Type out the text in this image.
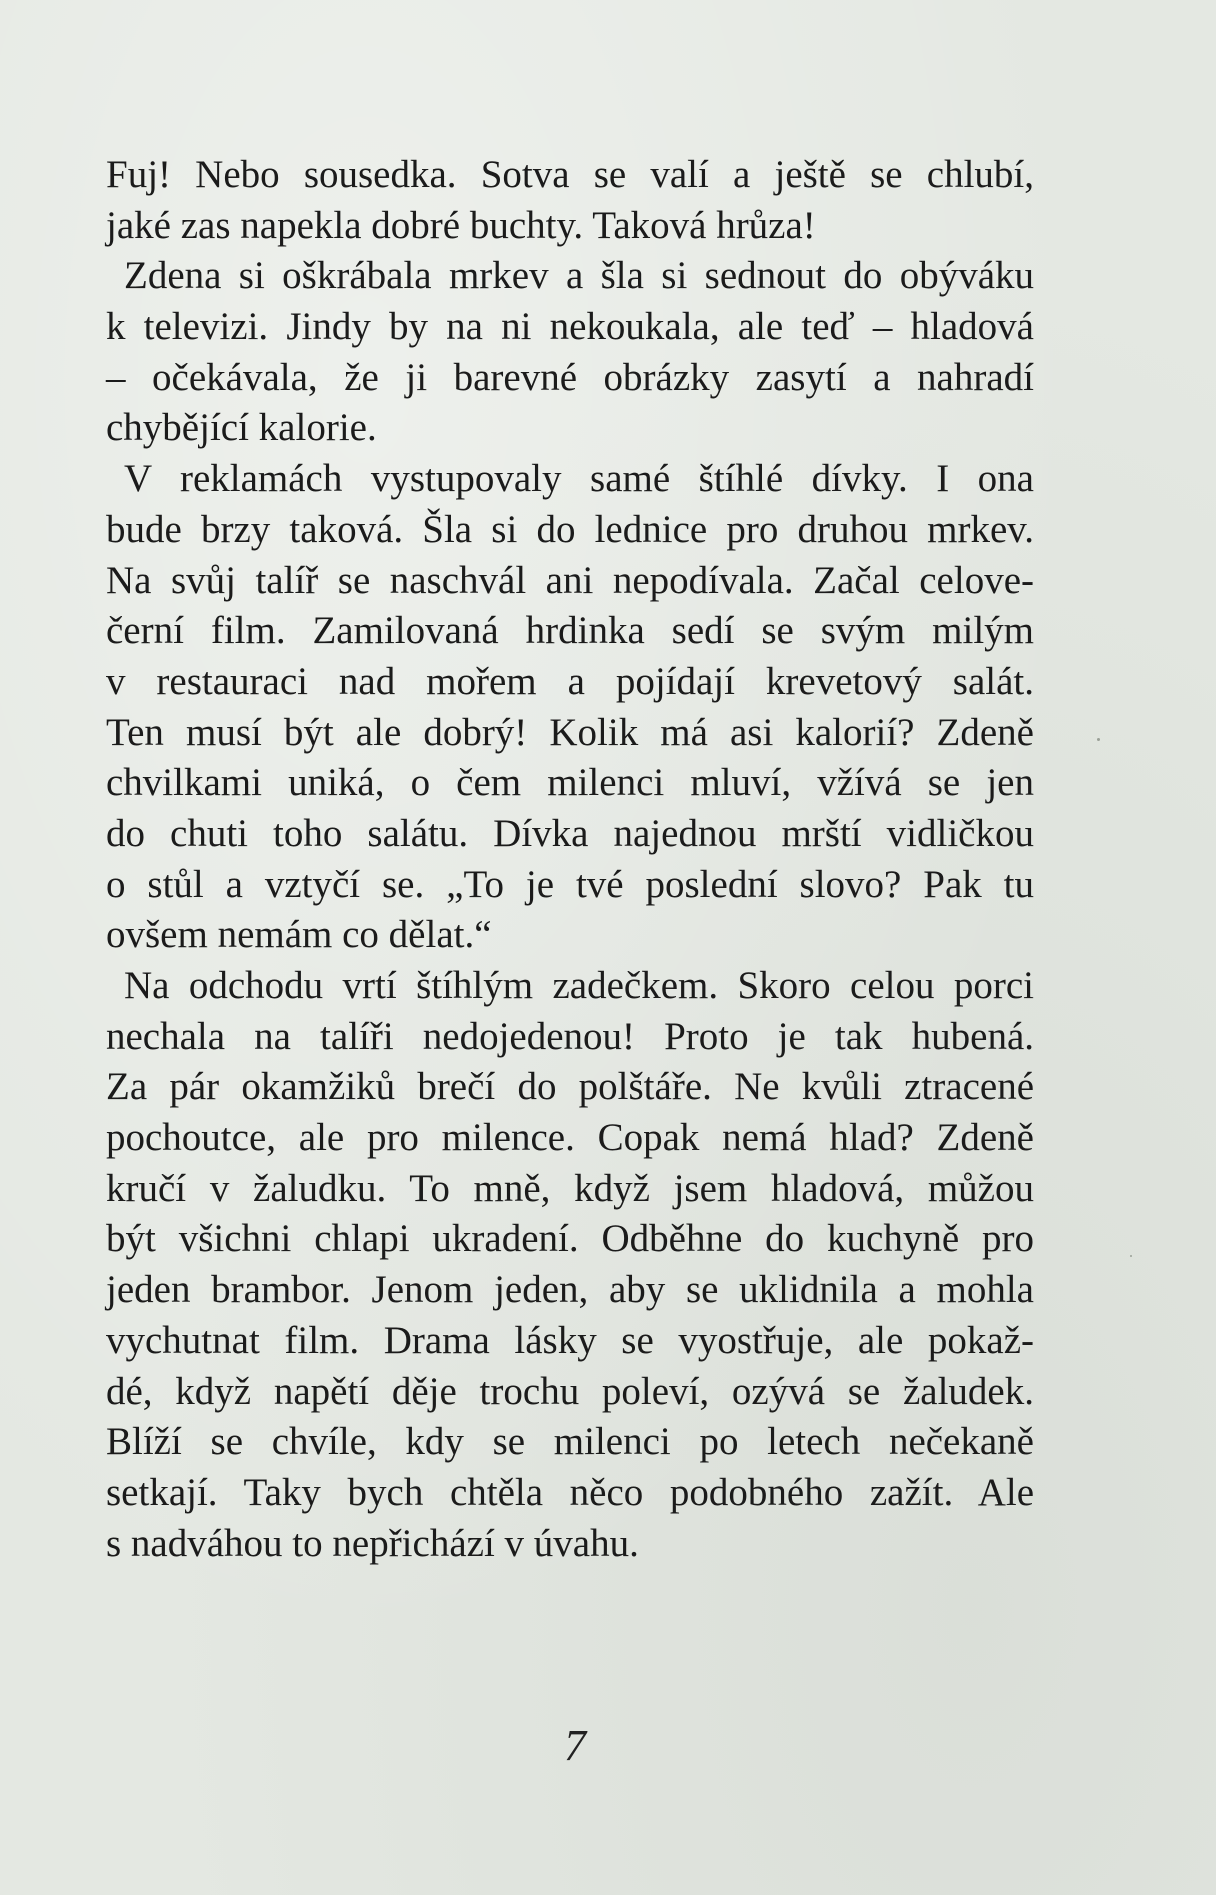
Fuj! Nebo sousedka. Sotva se valí a ještě se chlubí,
jaké zas napekla dobré buchty. Taková hrůza!
Zdena si oškrábala mrkev a šla si sednout do obýváku
k televizi. Jindy by na ni nekoukala, ale teď – hladová
– očekávala, že ji barevné obrázky zasytí a nahradí
chybějící kalorie.
V reklamách vystupovaly samé štíhlé dívky. I ona
bude brzy taková. Šla si do lednice pro druhou mrkev.
Na svůj talíř se naschvál ani nepodívala. Začal celove-
černí film. Zamilovaná hrdinka sedí se svým milým
v restauraci nad mořem a pojídají krevetový salát.
Ten musí být ale dobrý! Kolik má asi kalorií? Zdeně
chvilkami uniká, o čem milenci mluví, vžívá se jen
do chuti toho salátu. Dívka najednou mrští vidličkou
o stůl a vztyčí se. „To je tvé poslední slovo? Pak tu
ovšem nemám co dělat.“
Na odchodu vrtí štíhlým zadečkem. Skoro celou porci
nechala na talíři nedojedenou! Proto je tak hubená.
Za pár okamžiků brečí do polštáře. Ne kvůli ztracené
pochoutce, ale pro milence. Copak nemá hlad? Zdeně
kručí v žaludku. To mně, když jsem hladová, můžou
být všichni chlapi ukradení. Odběhne do kuchyně pro
jeden brambor. Jenom jeden, aby se uklidnila a mohla
vychutnat film. Drama lásky se vyostřuje, ale pokaž-
dé, když napětí děje trochu poleví, ozývá se žaludek.
Blíží se chvíle, kdy se milenci po letech nečekaně
setkají. Taky bych chtěla něco podobného zažít. Ale
s nadváhou to nepřichází v úvahu.
7
